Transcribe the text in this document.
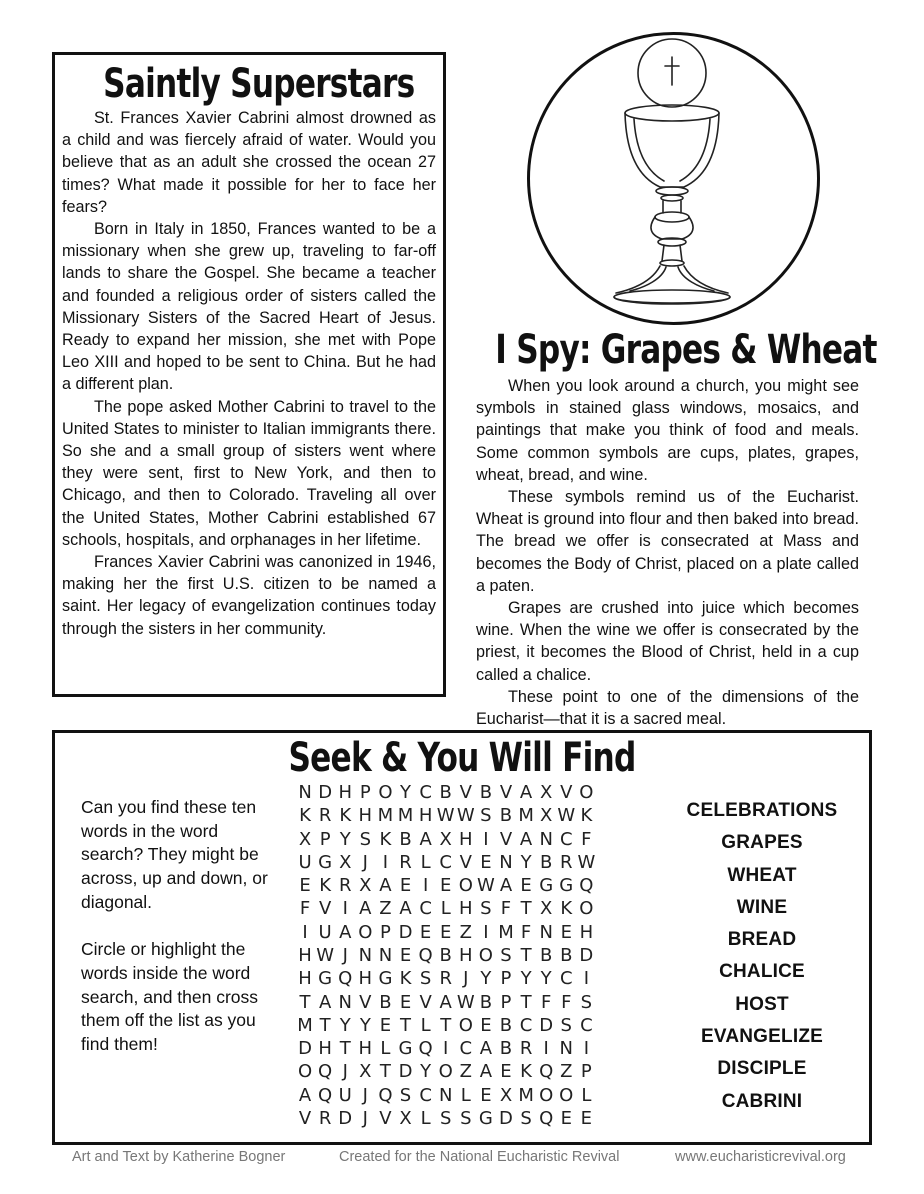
Saintly Superstars

St. Frances Xavier Cabrini almost drowned as a child and was fiercely afraid of water. Would you believe that as an adult she crossed the ocean 27 times? What made it possible for her to face her fears?

Born in Italy in 1850, Frances wanted to be a missionary when she grew up, traveling to far-off lands to share the Gospel. She became a teacher and founded a religious order of sisters called the Missionary Sisters of the Sacred Heart of Jesus. Ready to expand her mission, she met with Pope Leo XIII and hoped to be sent to China. But he had a different plan.

The pope asked Mother Cabrini to travel to the United States to minister to Italian immigrants there. So she and a small group of sisters went where they were sent, first to New York, and then to Chicago, and then to Colorado. Traveling all over the United States, Mother Cabrini established 67 schools, hospitals, and orphanages in her lifetime.

Frances Xavier Cabrini was canonized in 1946, making her the first U.S. citizen to be named a saint. Her legacy of evangelization continues today through the sisters in her community.

I Spy: Grapes & Wheat

When you look around a church, you might see symbols in stained glass windows, mosaics, and paintings that make you think of food and meals. Some common symbols are cups, plates, grapes, wheat, bread, and wine.

These symbols remind us of the Eucharist. Wheat is ground into flour and then baked into bread. The bread we offer is consecrated at Mass and becomes the Body of Christ, placed on a plate called a paten.

Grapes are crushed into juice which becomes wine. When the wine we offer is consecrated by the priest, it becomes the Blood of Christ, held in a cup called a chalice.

These point to one of the dimensions of the Eucharist—that it is a sacred meal.

Seek & You Will Find

Can you find these ten words in the word search? They might be across, up and down, or diagonal.

Circle or highlight the words inside the word search, and then cross them off the list as you find them!

N D H P O Y C B V B V A X V O
K R K H M M H W W S B M X W K
X P Y S K B A X H I V A N C F
U G X J I R L C V E N Y B R W
E K R X A E I E O W A E G G Q
F V I A Z A C L H S F T X K O
I U A O P D E E Z I M F N E H
H W J N N E Q B H O S T B B D
H G Q H G K S R J Y P Y Y C I
T A N V B E V A W B P T F F S
M T Y Y E T L T O E B C D S C
D H T H L G Q I C A B R I N I
O Q J X T D Y O Z A E K Q Z P
A Q U J Q S C N L E X M O O L
V R D J V X L S S G D S Q E E
CELEBRATIONS
GRAPES
WHEAT
WINE
BREAD
CHALICE
HOST
EVANGELIZE
DISCIPLE
CABRINI
Art and Text by Katherine Bogner	Created for the National Eucharistic Revival	www.eucharisticrevival.org
